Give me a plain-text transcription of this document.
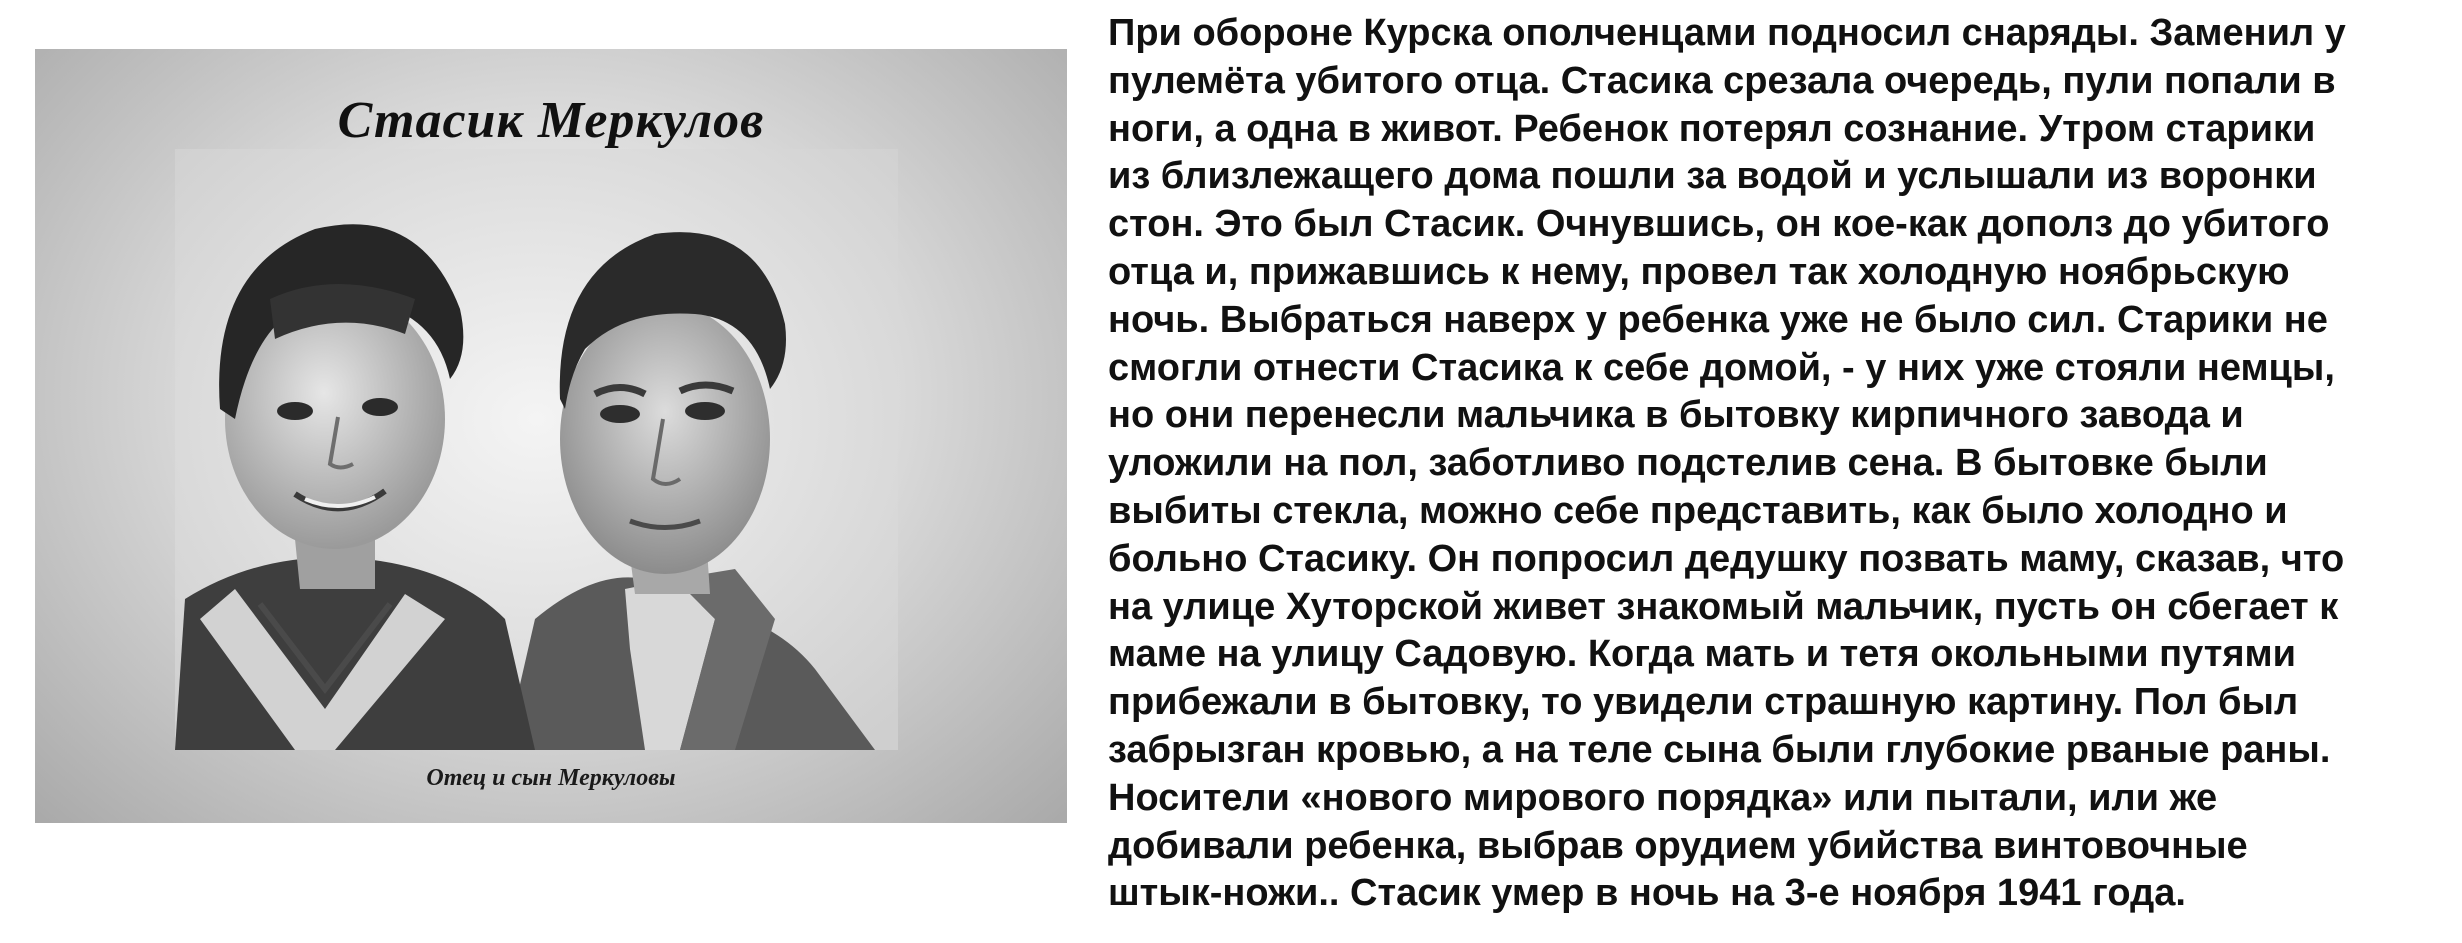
Стасик Меркулов
Отец и сын Меркуловы
При обороне Курска ополченцами подносил снаряды. Заменил у
пулемёта убитого отца. Стасика срезала очередь, пули попали в
ноги, а одна в живот. Ребенок потерял сознание. Утром старики
из близлежащего дома пошли за водой и услышали из воронки
стон. Это был Стасик. Очнувшись, он кое-как дополз до убитого
отца и, прижавшись к нему, провел так холодную ноябрьскую
ночь. Выбраться наверх у ребенка уже не было сил. Старики не
смогли отнести Стасика к себе домой, - у них уже стояли немцы,
но они перенесли мальчика в бытовку кирпичного завода и
уложили на пол, заботливо подстелив сена. В бытовке были
выбиты стекла, можно себе представить, как было холодно и
больно Стасику. Он попросил дедушку позвать маму, сказав, что
на улице Хуторской живет знакомый мальчик, пусть он сбегает к
маме на улицу Садовую. Когда мать и тетя окольными путями
прибежали в бытовку, то увидели страшную картину. Пол был
забрызган кровью, а на теле сына были глубокие рваные раны.
Носители «нового мирового порядка» или пытали, или же
добивали ребенка, выбрав орудием убийства винтовочные
штык-ножи.. Стасик умер в ночь на 3-е ноября 1941 года.
